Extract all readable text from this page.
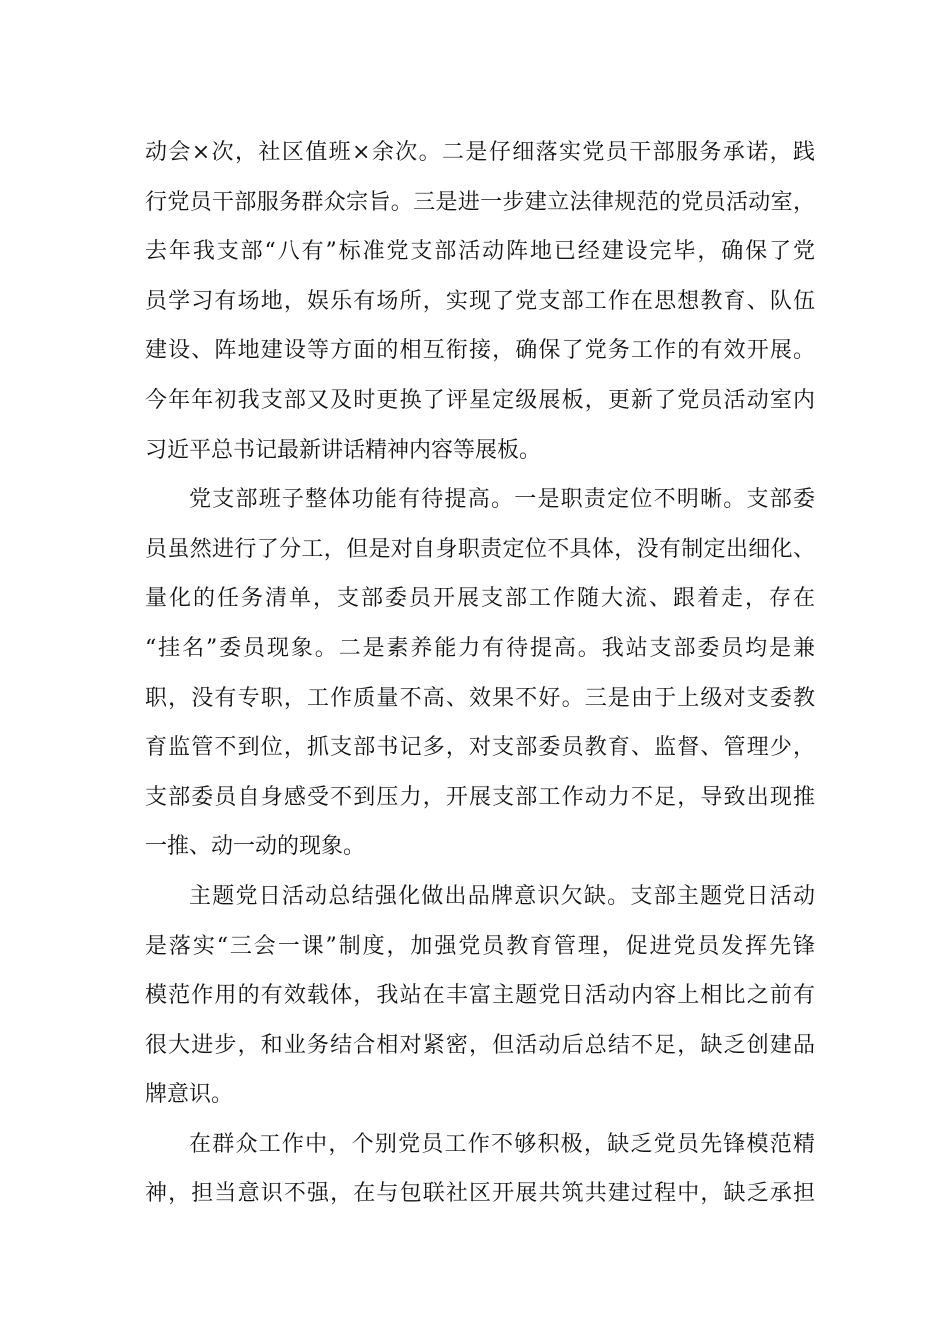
动会×次，社区值班×余次。二是仔细落实党员干部服务承诺，践
行党员干部服务群众宗旨。三是进一步建立法律规范的党员活动室，
去年我支部“八有”标准党支部活动阵地已经建设完毕，确保了党
员学习有场地，娱乐有场所，实现了党支部工作在思想教育、队伍
建设、阵地建设等方面的相互衔接，确保了党务工作的有效开展。
今年年初我支部又及时更换了评星定级展板，更新了党员活动室内
习近平总书记最新讲话精神内容等展板。
党支部班子整体功能有待提高。一是职责定位不明晰。支部委
员虽然进行了分工，但是对自身职责定位不具体，没有制定出细化、
量化的任务清单，支部委员开展支部工作随大流、跟着走，存在
“挂名”委员现象。二是素养能力有待提高。我站支部委员均是兼
职，没有专职，工作质量不高、效果不好。三是由于上级对支委教
育监管不到位，抓支部书记多，对支部委员教育、监督、管理少，
支部委员自身感受不到压力，开展支部工作动力不足，导致出现推
一推、动一动的现象。
主题党日活动总结强化做出品牌意识欠缺。支部主题党日活动
是落实“三会一课”制度，加强党员教育管理，促进党员发挥先锋
模范作用的有效载体，我站在丰富主题党日活动内容上相比之前有
很大进步，和业务结合相对紧密，但活动后总结不足，缺乏创建品
牌意识。
在群众工作中，个别党员工作不够积极，缺乏党员先锋模范精
神，担当意识不强，在与包联社区开展共筑共建过程中，缺乏承担
